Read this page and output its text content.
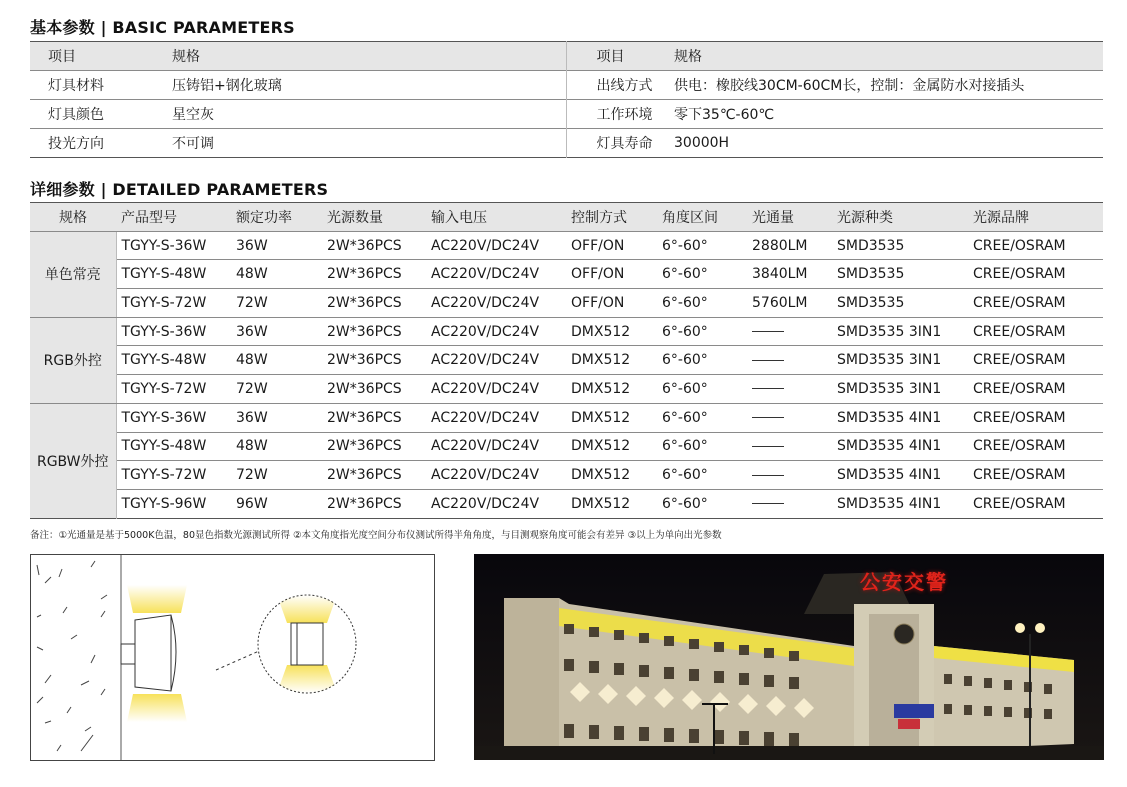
基本参数 | BASIC PARAMETERS
项目	规格	项目	规格
灯具材料	压铸铝+钢化玻璃	出线方式	供电：橡胶线30CM-60CM长，控制：金属防水对接插头
灯具颜色	星空灰	工作环境	零下35℃-60℃
投光方向	不可调	灯具寿命	30000H
详细参数 | DETAILED PARAMETERS
规格	产品型号	额定功率	光源数量	输入电压	控制方式	角度区间	光通量	光源种类	光源品牌
单色常亮	TGYY-S-36W	36W	2W*36PCS	AC220V/DC24V	OFF/ON	6°-60°	2880LM	SMD3535	CREE/OSRAM
	TGYY-S-48W	48W	2W*36PCS	AC220V/DC24V	OFF/ON	6°-60°	3840LM	SMD3535	CREE/OSRAM
	TGYY-S-72W	72W	2W*36PCS	AC220V/DC24V	OFF/ON	6°-60°	5760LM	SMD3535	CREE/OSRAM
RGB外控	TGYY-S-36W	36W	2W*36PCS	AC220V/DC24V	DMX512	6°-60°		SMD3535 3IN1	CREE/OSRAM
	TGYY-S-48W	48W	2W*36PCS	AC220V/DC24V	DMX512	6°-60°		SMD3535 3IN1	CREE/OSRAM
	TGYY-S-72W	72W	2W*36PCS	AC220V/DC24V	DMX512	6°-60°		SMD3535 3IN1	CREE/OSRAM
RGBW外控	TGYY-S-36W	36W	2W*36PCS	AC220V/DC24V	DMX512	6°-60°		SMD3535 4IN1	CREE/OSRAM
	TGYY-S-48W	48W	2W*36PCS	AC220V/DC24V	DMX512	6°-60°		SMD3535 4IN1	CREE/OSRAM
	TGYY-S-72W	72W	2W*36PCS	AC220V/DC24V	DMX512	6°-60°		SMD3535 4IN1	CREE/OSRAM
	TGYY-S-96W	96W	2W*36PCS	AC220V/DC24V	DMX512	6°-60°		SMD3535 4IN1	CREE/OSRAM
备注：①光通量是基于5000K色温，80显色指数光源测试所得 ②本文角度指光度空间分布仪测试所得半角角度，与目测观察角度可能会有差异 ③以上为单向出光参数
公安交警
